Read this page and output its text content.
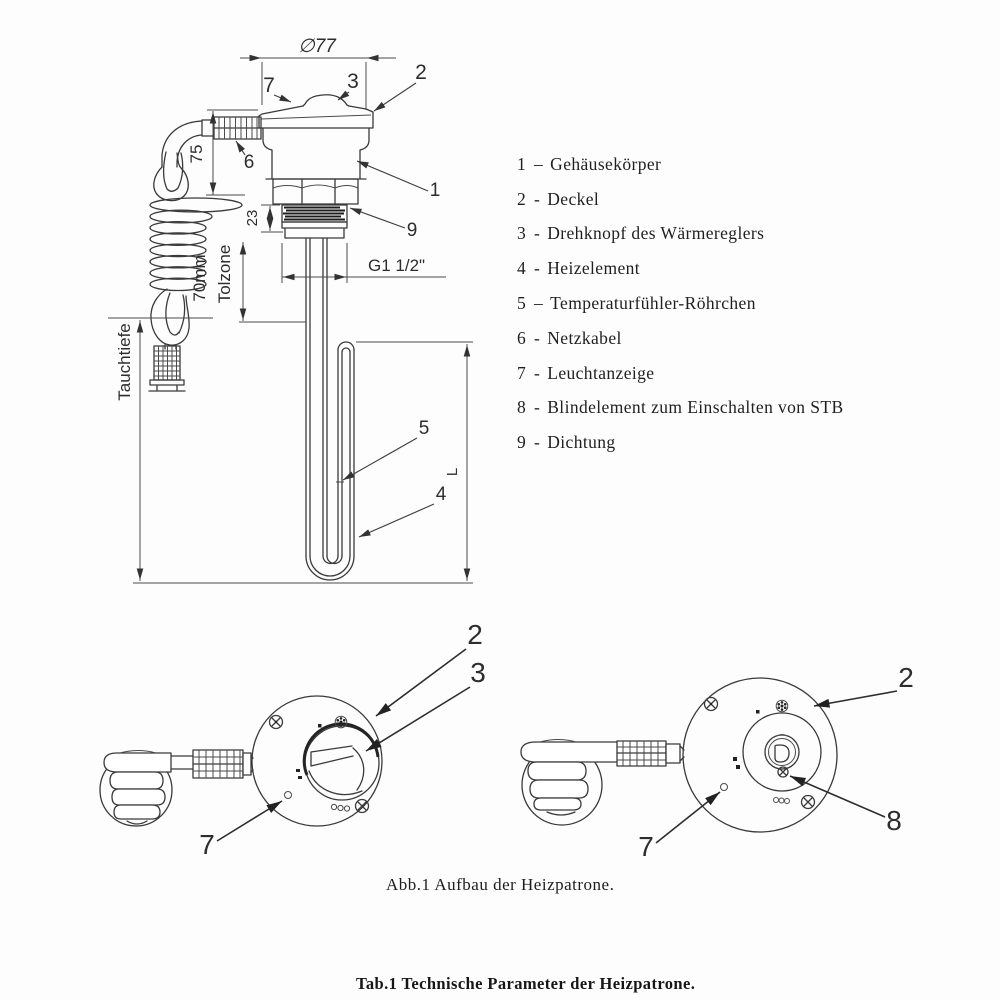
∅77
75
23
70mm Tolzone
Tauchtiefe
G1 1/2"
L
7	3	2
6
1
9
5
4
2
3
7
2
8
7
1 – Gehäusekörper
2 - Deckel
3 - Drehknopf des Wärmereglers
4 - Heizelement
5 – Temperaturfühler-Röhrchen
6 - Netzkabel
7 - Leuchtanzeige
8 - Blindelement zum Einschalten von STB
9 - Dichtung
Abb.1 Aufbau der Heizpatrone.
Tab.1 Technische Parameter der Heizpatrone.
